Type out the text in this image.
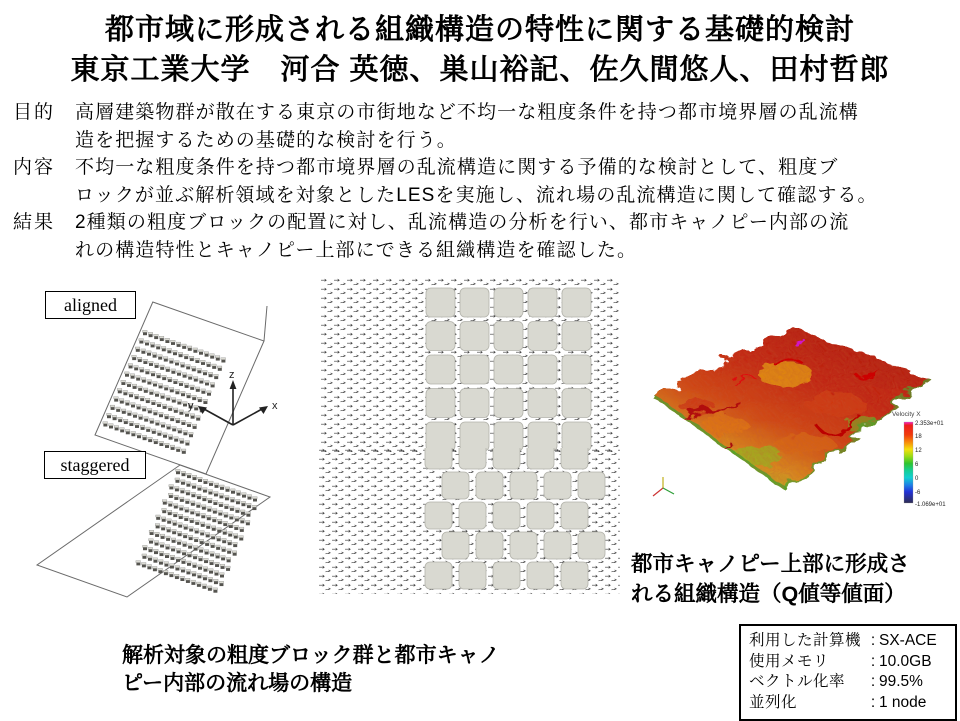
都市域に形成される組織構造の特性に関する基礎的検討
東京工業大学　河合 英徳、巣山裕記、佐久間悠人、田村哲郎
目的	高層建築物群が散在する東京の市街地など不均一な粗度条件を持つ都市境界層の乱流構
造を把握するための基礎的な検討を行う。
内容	不均一な粗度条件を持つ都市境界層の乱流構造に関する予備的な検討として、粗度ブ
ロックが並ぶ解析領域を対象としたLESを実施し、流れ場の乱流構造に関して確認する。
結果	2種類の粗度ブロックの配置に対し、乱流構造の分析を行い、都市キャノピー内部の流
れの構造特性とキャノピー上部にできる組織構造を確認した。
aligned
z
x
y
staggered
Velocity X
2.353e+01
18
12
6
0
-6
-1.069e+01
都市キャノピー上部に形成さ
れる組織構造（Q値等値面）
解析対象の粗度ブロック群と都市キャノ
ピー内部の流れ場の構造
利用した計算機 : SX-ACE
使用メモリ	: 10.0GB
ベクトル化率	: 99.5%
並列化	: 1 node
